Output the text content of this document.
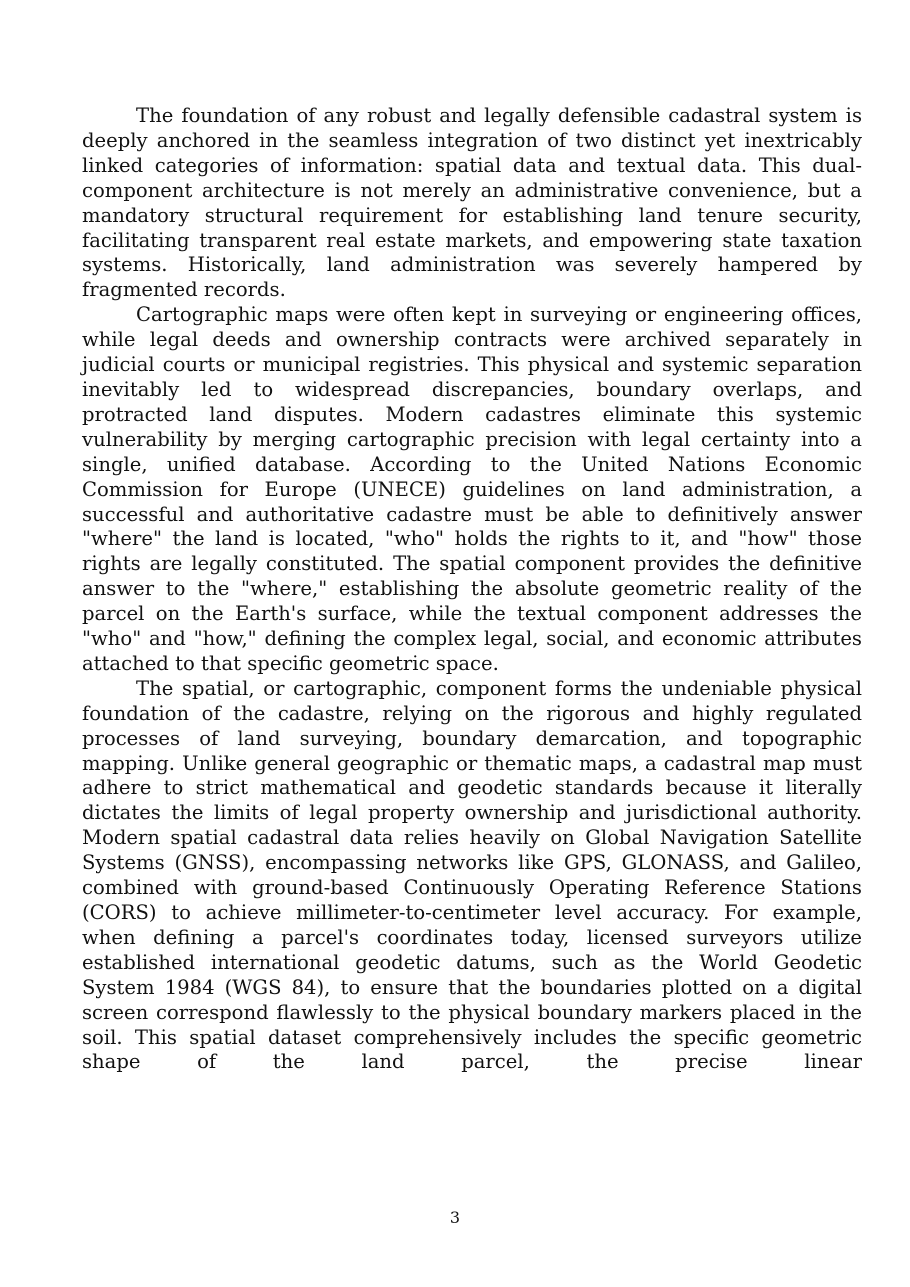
The foundation of any robust and legally defensible cadastral system is deeply anchored in the seamless integration of two distinct yet inextricably linked categories of information: spatial data and textual data. This dual-component architecture is not merely an administrative convenience, but a mandatory structural requirement for establishing land tenure security, facilitating transparent real estate markets, and empowering state taxation systems. Historically, land administration was severely hampered by fragmented records.

Cartographic maps were often kept in surveying or engineering offices, while legal deeds and ownership contracts were archived separately in judicial courts or municipal registries. This physical and systemic separation inevitably led to widespread discrepancies, boundary overlaps, and protracted land disputes. Modern cadastres eliminate this systemic vulnerability by merging cartographic precision with legal certainty into a single, unified database. According to the United Nations Economic Commission for Europe (UNECE) guidelines on land administration, a successful and authoritative cadastre must be able to definitively answer "where" the land is located, "who" holds the rights to it, and "how" those rights are legally constituted. The spatial component provides the definitive answer to the "where," establishing the absolute geometric reality of the parcel on the Earth's surface, while the textual component addresses the "who" and "how," defining the complex legal, social, and economic attributes attached to that specific geometric space.

The spatial, or cartographic, component forms the undeniable physical foundation of the cadastre, relying on the rigorous and highly regulated processes of land surveying, boundary demarcation, and topographic mapping. Unlike general geographic or thematic maps, a cadastral map must adhere to strict mathematical and geodetic standards because it literally dictates the limits of legal property ownership and jurisdictional authority. Modern spatial cadastral data relies heavily on Global Navigation Satellite Systems (GNSS), encompassing networks like GPS, GLONASS, and Galileo, combined with ground-based Continuously Operating Reference Stations (CORS) to achieve millimeter-to-centimeter level accuracy. For example, when defining a parcel's coordinates today, licensed surveyors utilize established international geodetic datums, such as the World Geodetic System 1984 (WGS 84), to ensure that the boundaries plotted on a digital screen correspond flawlessly to the physical boundary markers placed in the soil. This spatial dataset comprehensively includes the specific geometric shape of the land parcel, the precise linear

3
